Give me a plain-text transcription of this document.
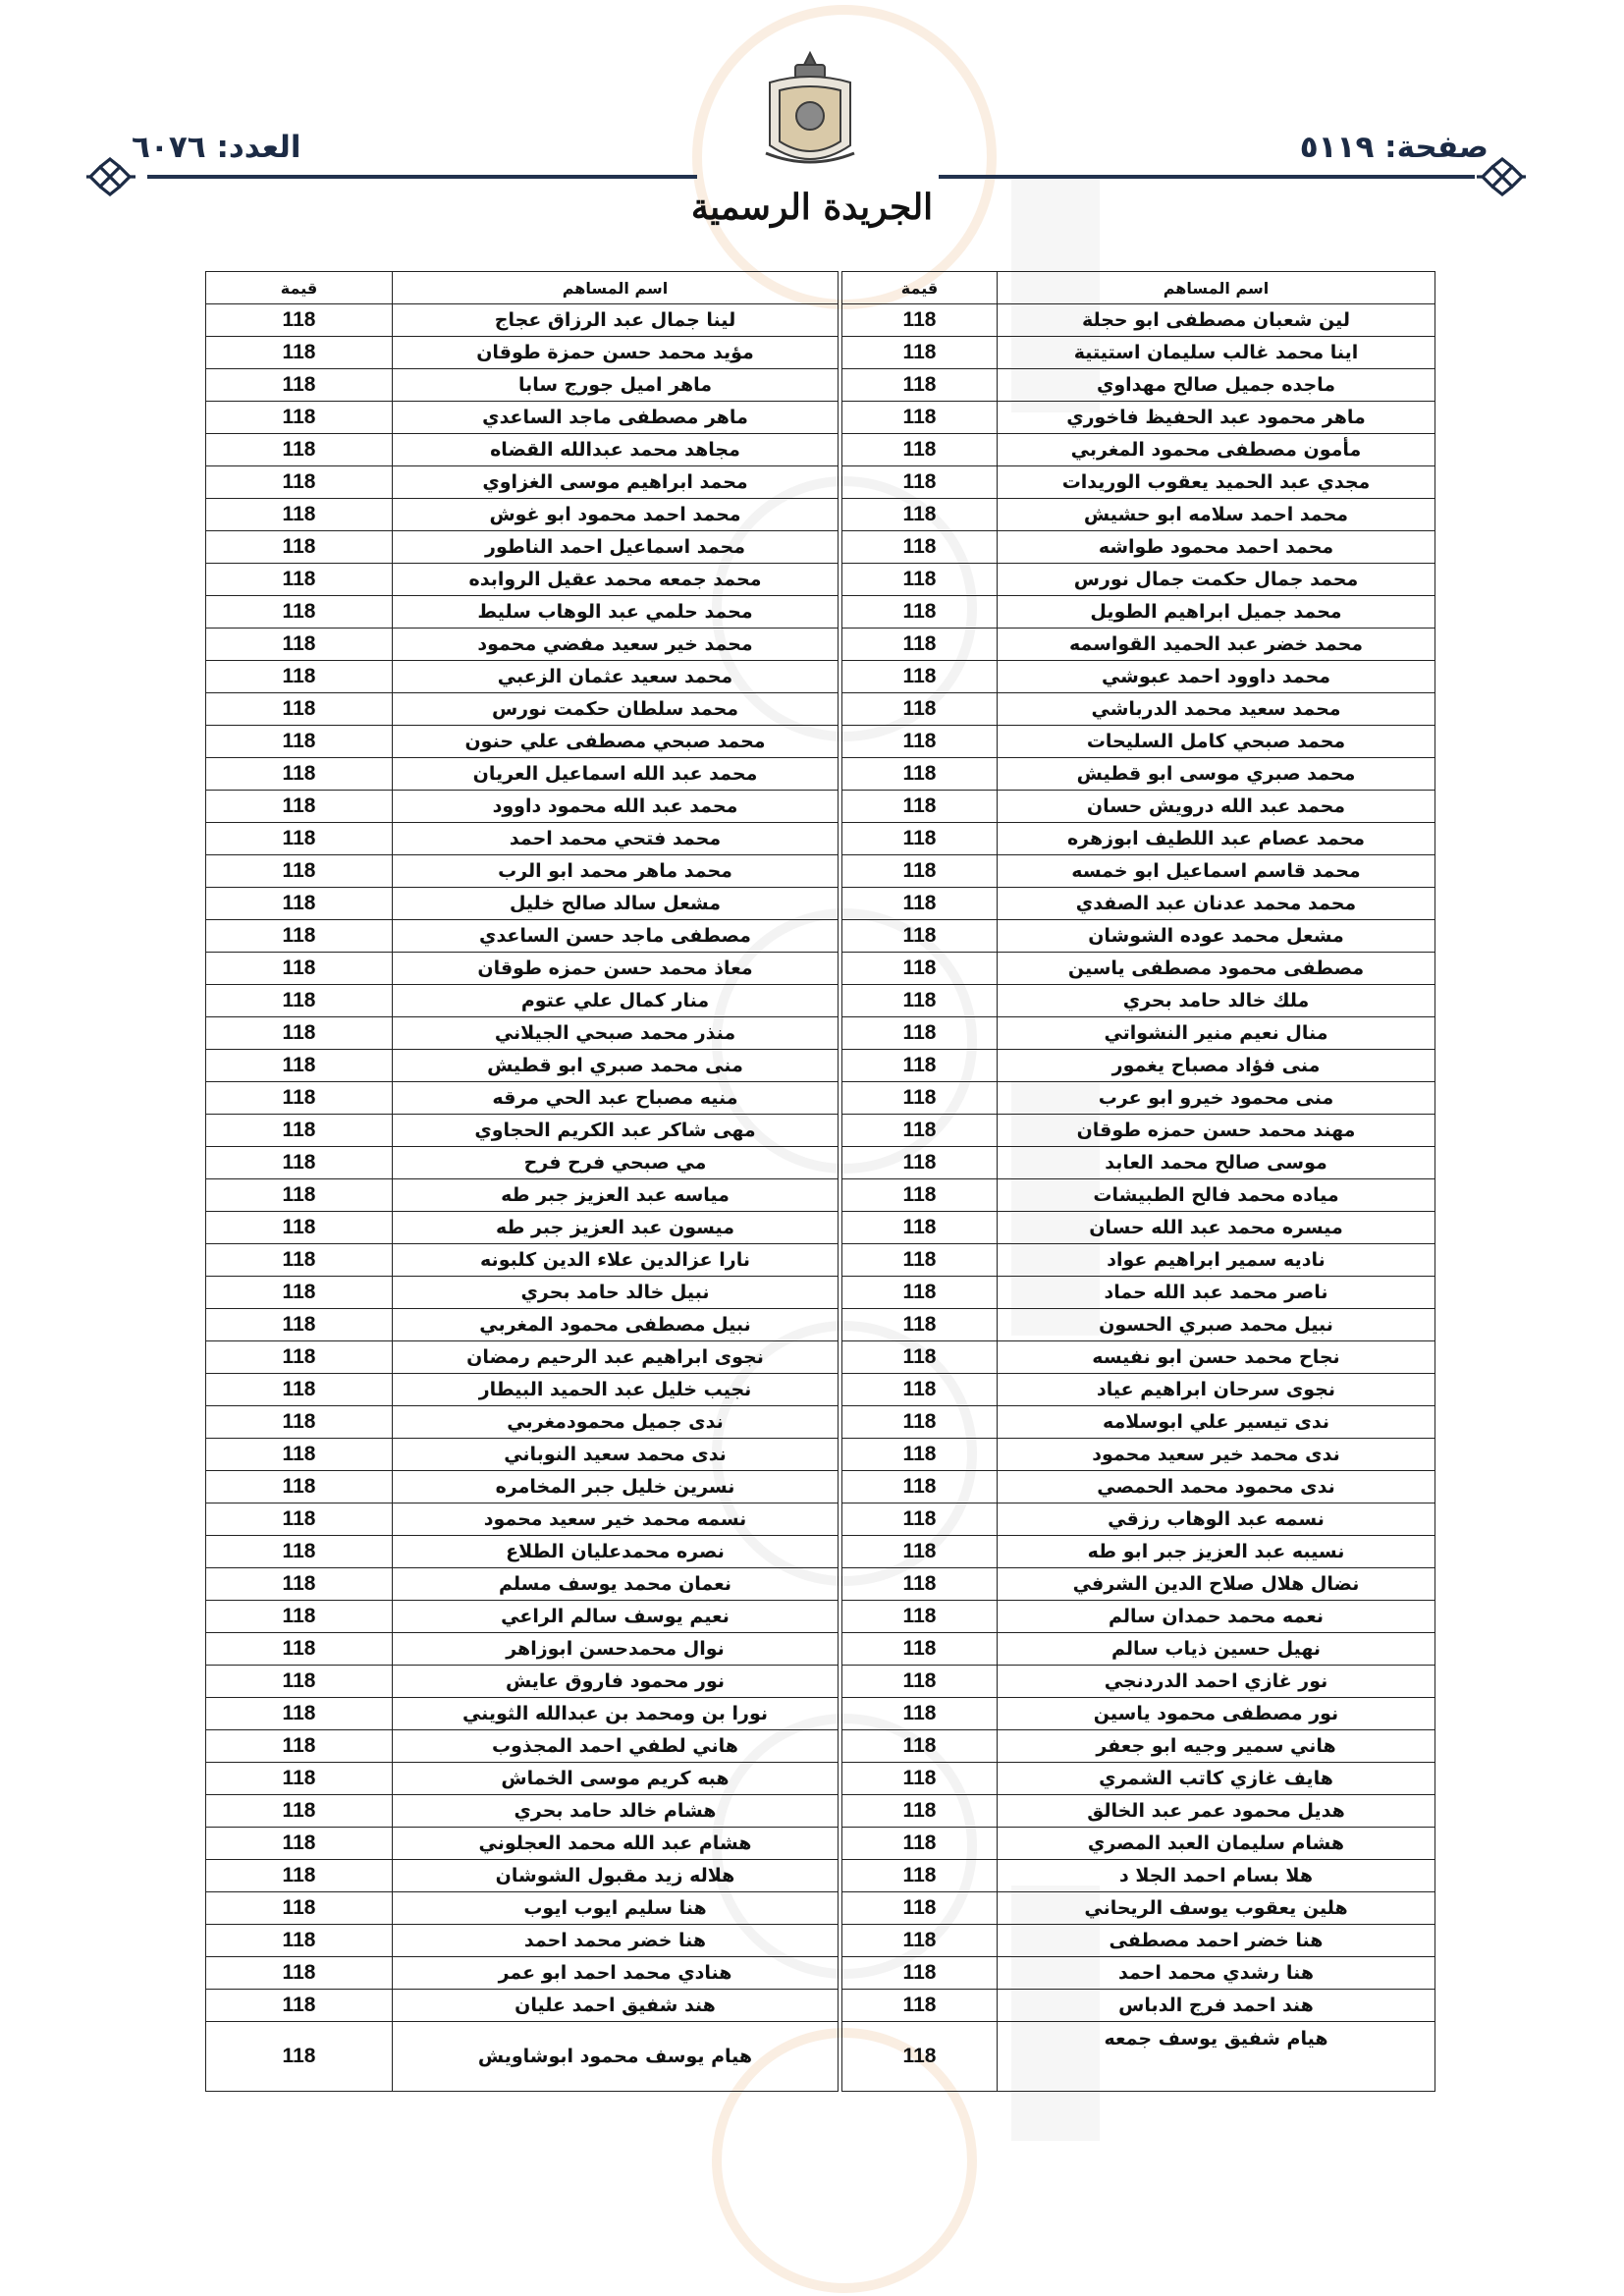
صفحة: ٥١١٩
العدد: ٦٠٧٦
الجريدة الرسمية
اسم المساهم	قيمة		اسم المساهم	قيمة
لين شعبان مصطفى ابو حجلة	118		لينا جمال عبد الرزاق عجاج	118
اينا محمد غالب سليمان استيتية	118		مؤيد محمد حسن حمزة طوقان	118
ماجده جميل صالح مهداوي	118		ماهر اميل جورج سابا	118
ماهر محمود عبد الحفيظ فاخوري	118		ماهر مصطفى ماجد الساعدي	118
مأمون مصطفى محمود المغربي	118		مجاهد محمد عبدالله القضاه	118
مجدي عبد الحميد يعقوب الوريدات	118		محمد ابراهيم موسى الغزاوي	118
محمد احمد سلامه ابو حشيش	118		محمد احمد محمود ابو غوش	118
محمد احمد محمود طواشه	118		محمد اسماعيل احمد الناطور	118
محمد جمال حكمت جمال نورس	118		محمد جمعه محمد عقيل الروابده	118
محمد جميل ابراهيم الطويل	118		محمد حلمي عبد الوهاب سليط	118
محمد خضر عبد الحميد القواسمه	118		محمد خير سعيد مفضي محمود	118
محمد داوود احمد عبوشي	118		محمد سعيد عثمان الزعبي	118
محمد سعيد محمد الدرباشي	118		محمد سلطان حكمت نورس	118
محمد صبحي كامل السليحات	118		محمد صبحي مصطفى علي حنون	118
محمد صبري موسى ابو قطيش	118		محمد عبد الله اسماعيل العريان	118
محمد عبد الله درويش حسان	118		محمد عبد الله محمود داوود	118
محمد عصام عبد اللطيف ابوزهره	118		محمد فتحي محمد احمد	118
محمد قاسم اسماعيل ابو خمسه	118		محمد ماهر محمد ابو الرب	118
محمد محمد عدنان عبد الصفدي	118		مشعل سالد صالح خليل	118
مشعل محمد عوده الشوشان	118		مصطفى ماجد حسن الساعدي	118
مصطفى محمود مصطفى ياسين	118		معاذ محمد حسن حمزه طوقان	118
ملك خالد حامد بحري	118		منار كمال علي عتوم	118
منال نعيم منير النشواتي	118		منذر محمد صبحي الجيلاني	118
منى فؤاد مصباح يغمور	118		منى محمد صبري ابو قطيش	118
منى محمود خيرو ابو عرب	118		منيه مصباح عبد الحي مرقه	118
مهند محمد حسن حمزه طوقان	118		مهى شاكر عبد الكريم الحجاوي	118
موسى صالح محمد العابد	118		مي صبحي فرح فرح	118
مياده محمد فالح الطبيشات	118		مياسه عبد العزيز جبر طه	118
ميسره محمد عبد الله حسان	118		ميسون عبد العزيز جبر طه	118
ناديه سمير ابراهيم عواد	118		نارا عزالدين علاء الدين كلبونه	118
ناصر محمد عبد الله حماد	118		نبيل خالد حامد بحري	118
نبيل محمد صبري الحسون	118		نبيل مصطفى محمود المغربي	118
نجاح محمد حسن ابو نفيسه	118		نجوى ابراهيم عبد الرحيم رمضان	118
نجوى سرحان ابراهيم عياد	118		نجيب خليل عبد الحميد البيطار	118
ندى تيسير علي ابوسلامه	118		ندى جميل محمودمغربي	118
ندى محمد خير سعيد محمود	118		ندى محمد سعيد النوباني	118
ندى محمود محمد الحمصي	118		نسرين خليل جبر المخامره	118
نسمه عبد الوهاب رزقي	118		نسمه محمد خير سعيد محمود	118
نسيبه عبد العزيز جبر ابو طه	118		نصره محمدعليان الطلاع	118
نضال هلال صلاح الدين الشرفي	118		نعمان محمد يوسف مسلم	118
نعمه محمد حمدان سالم	118		نعيم يوسف سالم الراعي	118
نهيل حسين ذياب سالم	118		نوال محمدحسن ابوزاهر	118
نور غازي احمد الدردنجي	118		نور محمود فاروق عايش	118
نور مصطفى محمود ياسين	118		نورا بن ومحمد بن عبدالله الثويني	118
هاني سمير وجيه ابو جعفر	118		هاني لطفي احمد المجذوب	118
هايف غازي كاتب الشمري	118		هبه كريم موسى الخماش	118
هديل محمود عمر عبد الخالق	118		هشام خالد حامد بحري	118
هشام سليمان العبد المصري	118		هشام عبد الله محمد العجلوني	118
هلا بسام احمد الجلا د	118		هلاله زيد مقبول الشوشان	118
هلين يعقوب يوسف الريحاني	118		هنا سليم ايوب ايوب	118
هنا خضر احمد مصطفى	118		هنا خضر محمد احمد	118
هنا رشدي محمد احمد	118		هنادي محمد احمد ابو عمر	118
هند احمد فرج الدباس	118		هند شفيق احمد عليان	118
هيام شفيق يوسف جمعه	118		هيام يوسف محمود ابوشاويش	118
